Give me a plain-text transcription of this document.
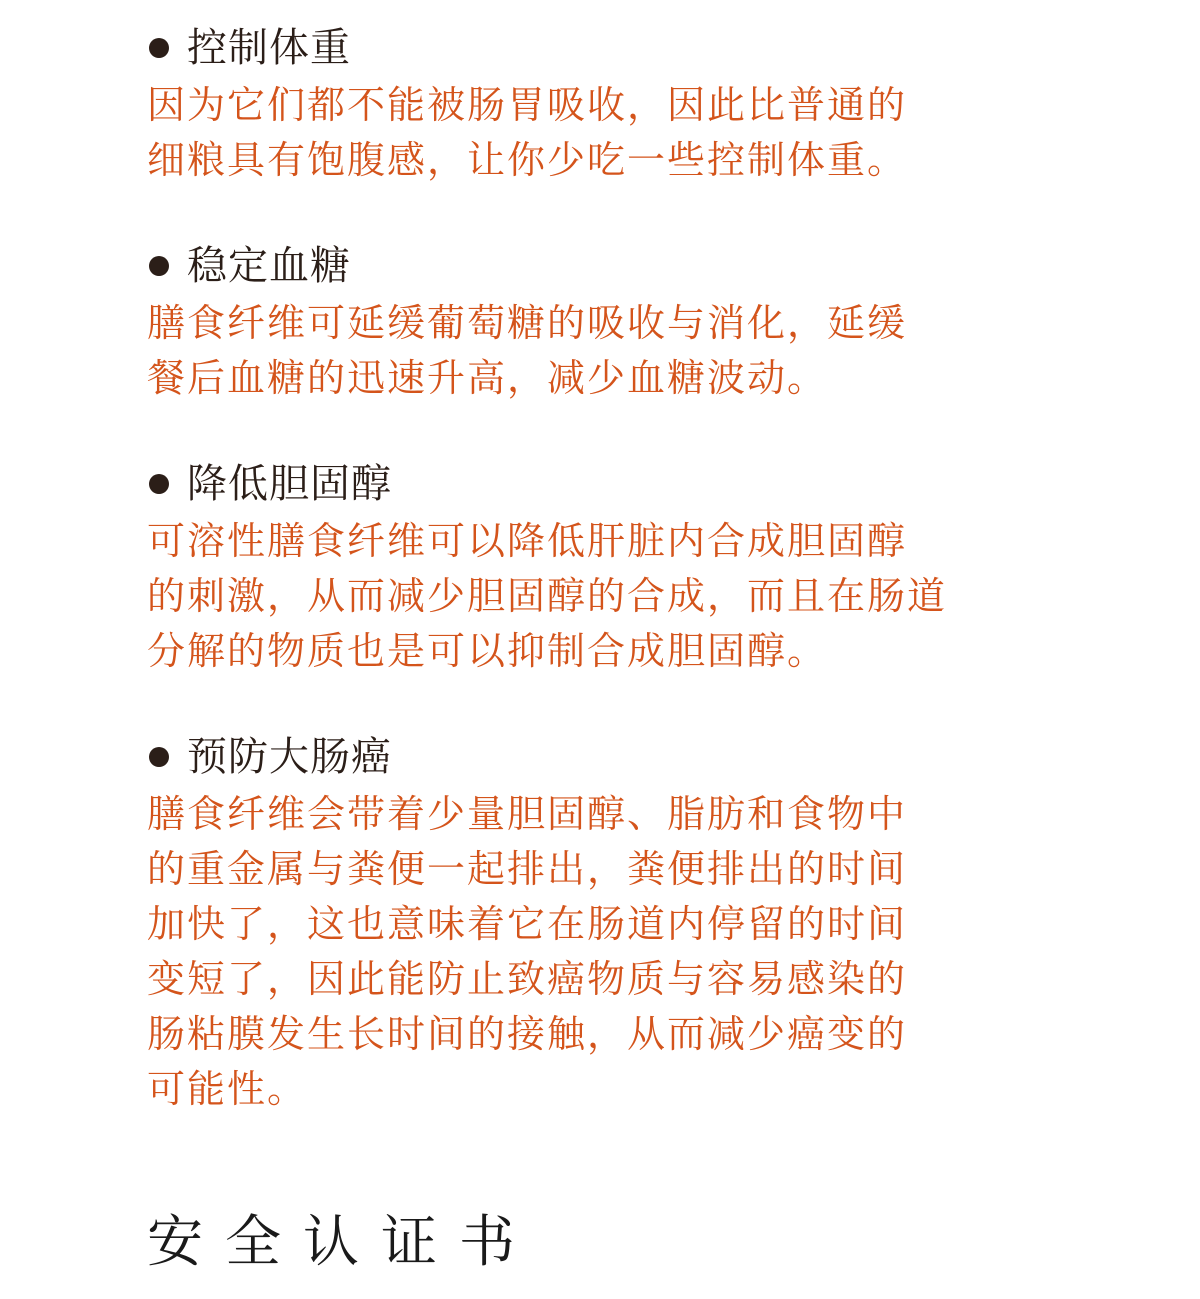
控制体重
因为它们都不能被肠胃吸收，因此比普通的
细粮具有饱腹感，让你少吃一些控制体重。
稳定血糖
膳食纤维可延缓葡萄糖的吸收与消化，延缓
餐后血糖的迅速升高，减少血糖波动。
降低胆固醇
可溶性膳食纤维可以降低肝脏内合成胆固醇
的刺激，从而减少胆固醇的合成，而且在肠道
分解的物质也是可以抑制合成胆固醇。
预防大肠癌
膳食纤维会带着少量胆固醇、脂肪和食物中
的重金属与粪便一起排出，粪便排出的时间
加快了，这也意味着它在肠道内停留的时间
变短了，因此能防止致癌物质与容易感染的
肠粘膜发生长时间的接触，从而减少癌变的
可能性。
安全认证书
